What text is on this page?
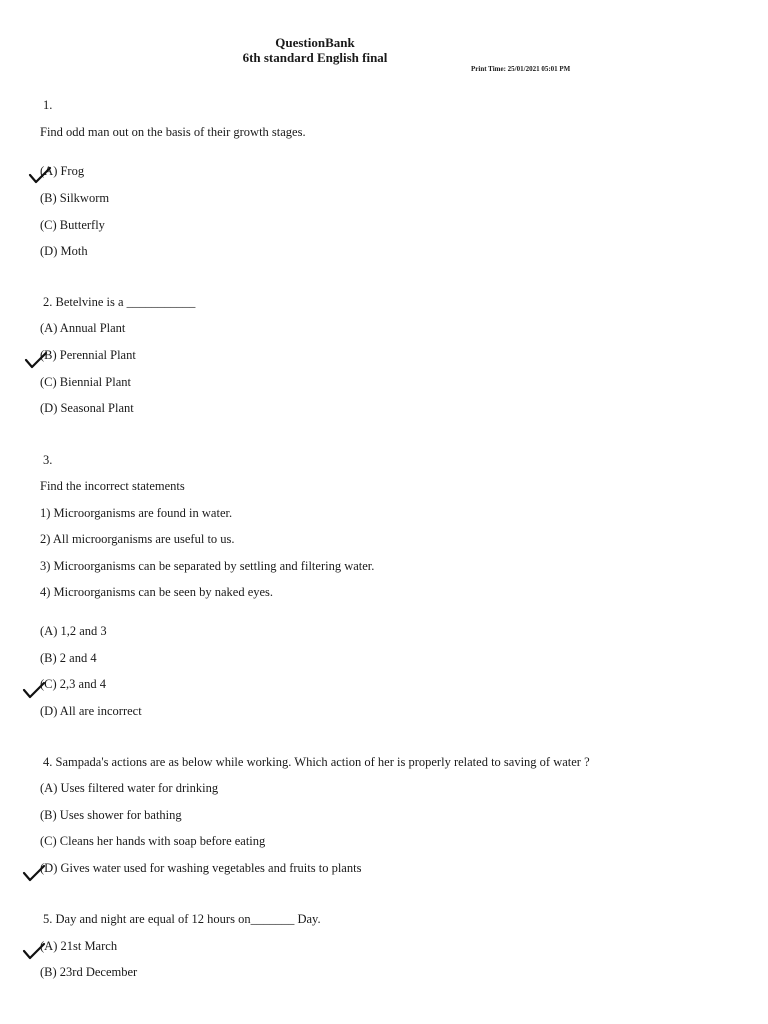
QuestionBank
6th standard English final
Print Time: 25/01/2021 05:01 PM
1.
Find odd man out on the basis of their growth stages.
(A) Frog
(B) Silkworm
(C) Butterfly
(D) Moth
2. Betelvine is a ___________
(A) Annual Plant
(B) Perennial Plant
(C) Biennial Plant
(D) Seasonal Plant
3.
Find the incorrect statements
1) Microorganisms are found in water.
2) All microorganisms are useful to us.
3) Microorganisms can be separated by settling and filtering water.
4) Microorganisms can be seen by naked eyes.
(A) 1,2 and 3
(B) 2 and 4
(C) 2,3 and 4
(D) All are incorrect
4. Sampada's actions are as below while working. Which action of her is properly related to saving of water ?
(A) Uses filtered water for drinking
(B) Uses shower for bathing
(C) Cleans her hands with soap before eating
(D) Gives water used for washing vegetables and fruits to plants
5. Day and night are equal of 12 hours on_______ Day.
(A) 21st March
(B) 23rd December
